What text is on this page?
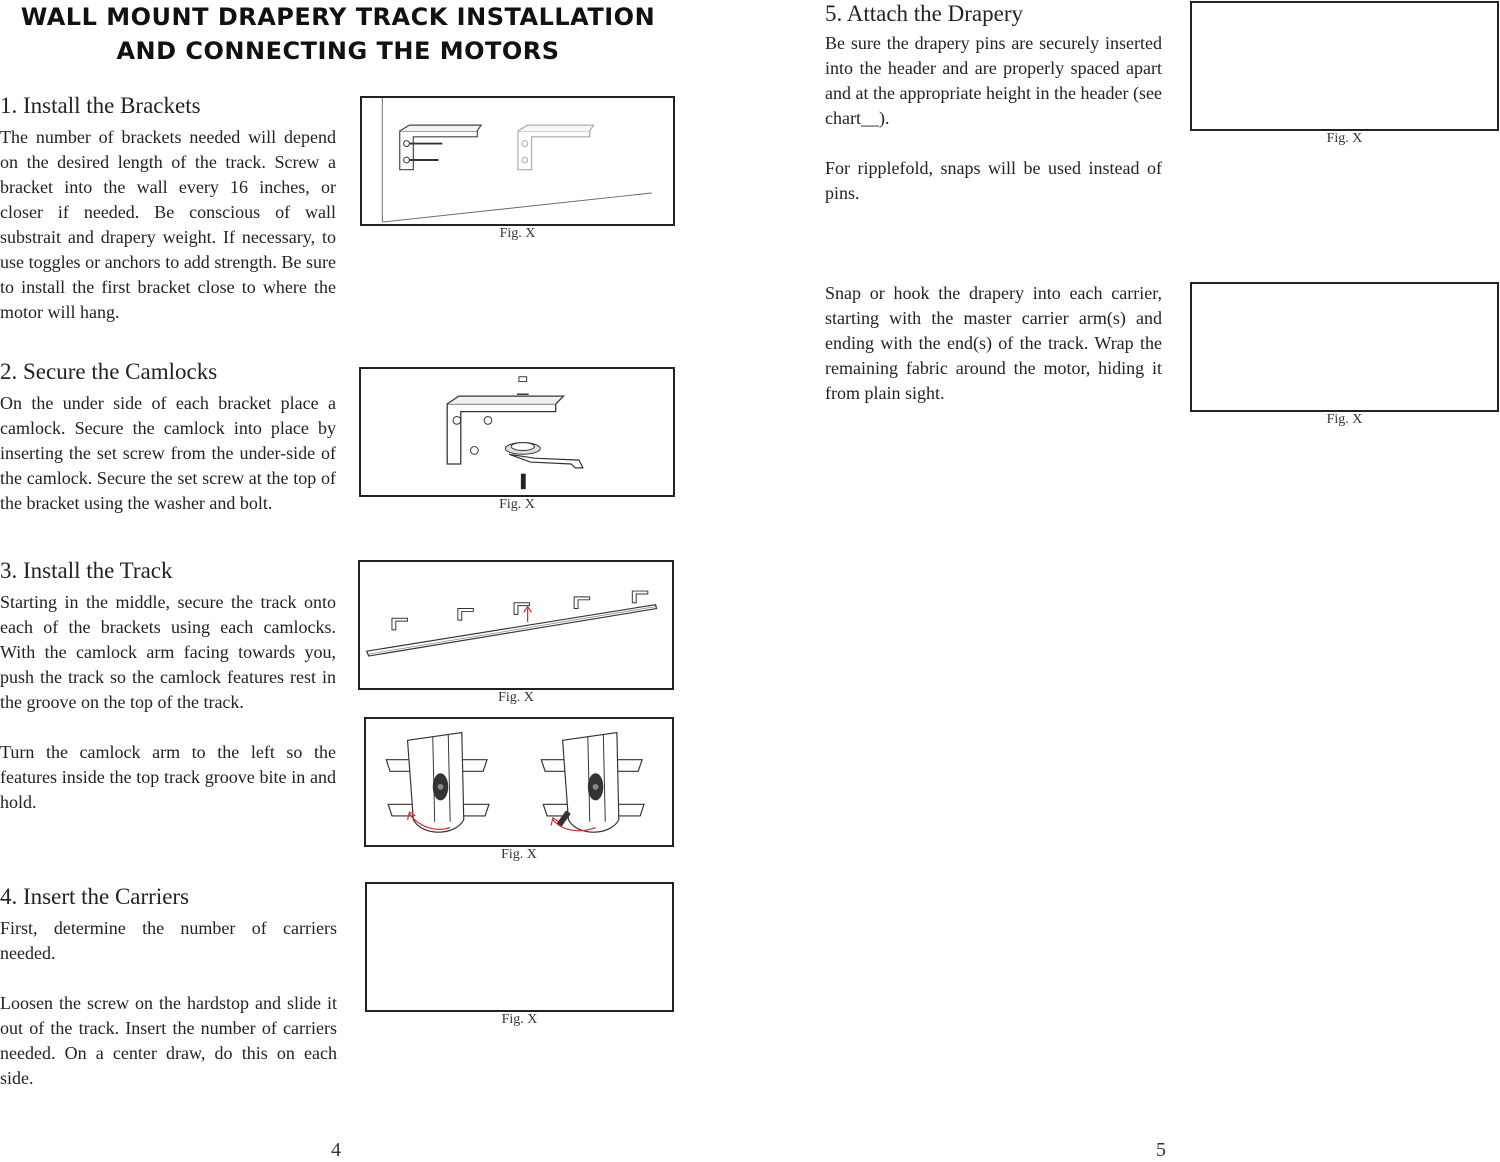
WALL MOUNT DRAPERY TRACK INSTALLATION
AND CONNECTING THE MOTORS
1. Install the Brackets

The number of brackets needed will depend on the desired length of the track. Screw a bracket into the wall every 16 inches, or closer if needed. Be conscious of wall substrait and drapery weight. If necessary, to use toggles or anchors to add strength. Be sure to install the first bracket close to where the motor will hang.

Fig. X
2. Secure the Camlocks

On the under side of each bracket place a camlock. Secure the camlock into place by inserting the set screw from the under-side of the camlock. Secure the set screw at the top of the bracket using the washer and bolt.	Fig. X
3. Install the Track

Starting in the middle, secure the track onto each of the brackets using each camlocks. With the camlock arm facing towards you, push the track so the camlock features rest in the groove on the top of the track.

Turn the camlock arm to the left so the features inside the top track groove bite in and hold.

Fig. X
Fig. X
4. Insert the Carriers

First, determine the number of carriers needed.

Loosen the screw on the hardstop and slide it out of the track. Insert the number of carriers needed. On a center draw, do this on each side.

Fig. X
5. Attach the Drapery

Be sure the drapery pins are securely inserted into the header and are properly spaced apart and at the appropriate height in the header (see chart__).

For ripplefold, snaps will be used instead of pins.

Fig. X

Snap or hook the drapery into each carrier, starting with the master carrier arm(s) and ending with the end(s) of the track. Wrap the remaining fabric around the motor, hiding it from plain sight.

Fig. X
4	5
